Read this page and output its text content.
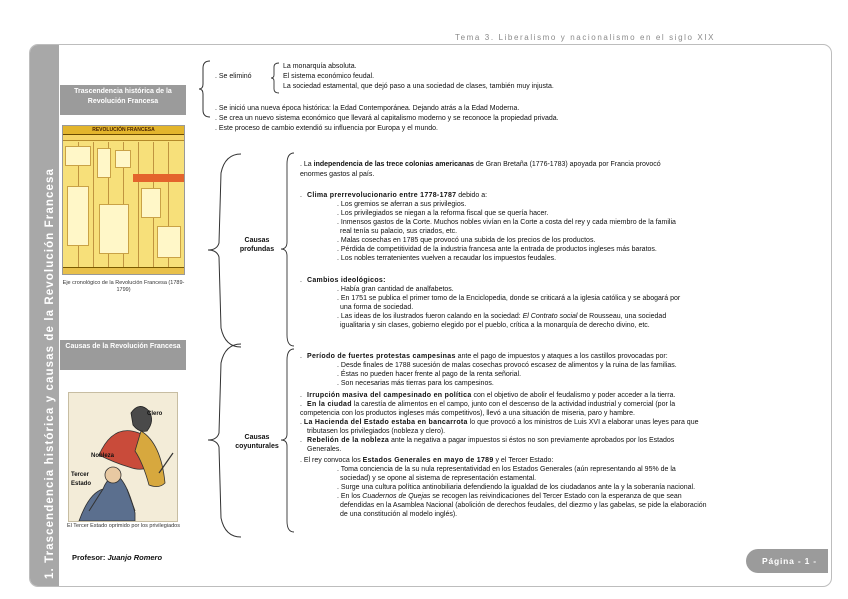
Tema 3. Liberalismo y nacionalismo en el siglo XIX
1. Trascendencia histórica y causas de la Revolución Francesa
Trascendencia histórica de la Revolución Francesa
Causas de la Revolución Francesa
REVOLUCIÓN FRANCESA
Eje cronológico de la Revolución Francesa (1789-1799)
Clero
Nobleza
Tercer
Estado
El Tercer Estado oprimido por los privilegiados
Profesor: Juanjo Romero	Página - 1 -
. Se eliminó
La monarquía absoluta.
El sistema económico feudal.
La sociedad estamental, que dejó paso a una sociedad de clases, también muy injusta.
. Se inició una nueva época histórica: la Edad Contemporánea. Dejando atrás a la Edad Moderna.
. Se crea un nuevo sistema económico que llevará al capitalismo moderno y se reconoce la propiedad privada.
. Este proceso de cambio extendió su influencia por Europa y el mundo.
Causas
profundas
. La independencia de las trece colonias americanas de Gran Bretaña (1776-1783) apoyada por Francia provocó
enormes gastos al país.
. Clima prerrevolucionario entre 1778-1787 debido a:
. Los gremios se aferran a sus privilegios.
. Los privilegiados se niegan a la reforma fiscal que se quería hacer.
. Inmensos gastos de la Corte. Muchos nobles vivían en la Corte a costa del rey y cada miembro de la familia
real tenía su palacio, sus criados, etc.
. Malas cosechas en 1785 que provocó una subida de los precios de los productos.
. Pérdida de competitividad de la industria francesa ante la entrada de productos ingleses más baratos.
. Los nobles terratenientes vuelven a recaudar los impuestos feudales.
. Cambios ideológicos:
. Había gran cantidad de analfabetos.
. En 1751 se publica el primer tomo de la Enciclopedia, donde se criticará a la iglesia católica y se abogará por
una forma de sociedad.
. Las ideas de los ilustrados fueron calando en la sociedad: El Contrato social de Rousseau, una sociedad
igualitaria y sin clases, gobierno elegido por el pueblo, crítica a la monarquía de derecho divino, etc.
Causas
coyunturales
. Período de fuertes protestas campesinas ante el pago de impuestos y ataques a los castillos provocadas por:
. Desde finales de 1788 sucesión de malas cosechas provocó escasez de alimentos y la ruina de las familias.
. Éstas no pueden hacer frente al pago de la renta señorial.
. Son necesarias más tierras para los campesinos.
. Irrupción masiva del campesinado en política con el objetivo de abolir el feudalismo y poder acceder a la tierra.
. En la ciudad la carestía de alimentos en el campo, junto con el descenso de la actividad industrial y comercial (por la
competencia con los productos ingleses más competitivos), llevó a una situación de miseria, paro y hambre.
. La Hacienda del Estado estaba en bancarrota lo que provocó a los ministros de Luis XVI a elaborar unas leyes para que
tributasen los privilegiados (nobleza y clero).
. Rebelión de la nobleza ante la negativa a pagar impuestos si éstos no son previamente aprobados por los Estados
Generales.
. El rey convoca los Estados Generales en mayo de 1789 y el Tercer Estado:
. Toma conciencia de la su nula representatividad en los Estados Generales (aún representando al 95% de la
sociedad) y se opone al sistema de representación estamental.
. Surge una cultura política antinobiliaria defendiendo la igualdad de los ciudadanos ante la y la soberanía nacional.
. En los Cuadernos de Quejas se recogen las reivindicaciones del Tercer Estado con la esperanza de que sean
defendidas en la Asamblea Nacional (abolición de derechos feudales, del diezmo y las gabelas, se pide la elaboración
de una constitución al modelo inglés).
